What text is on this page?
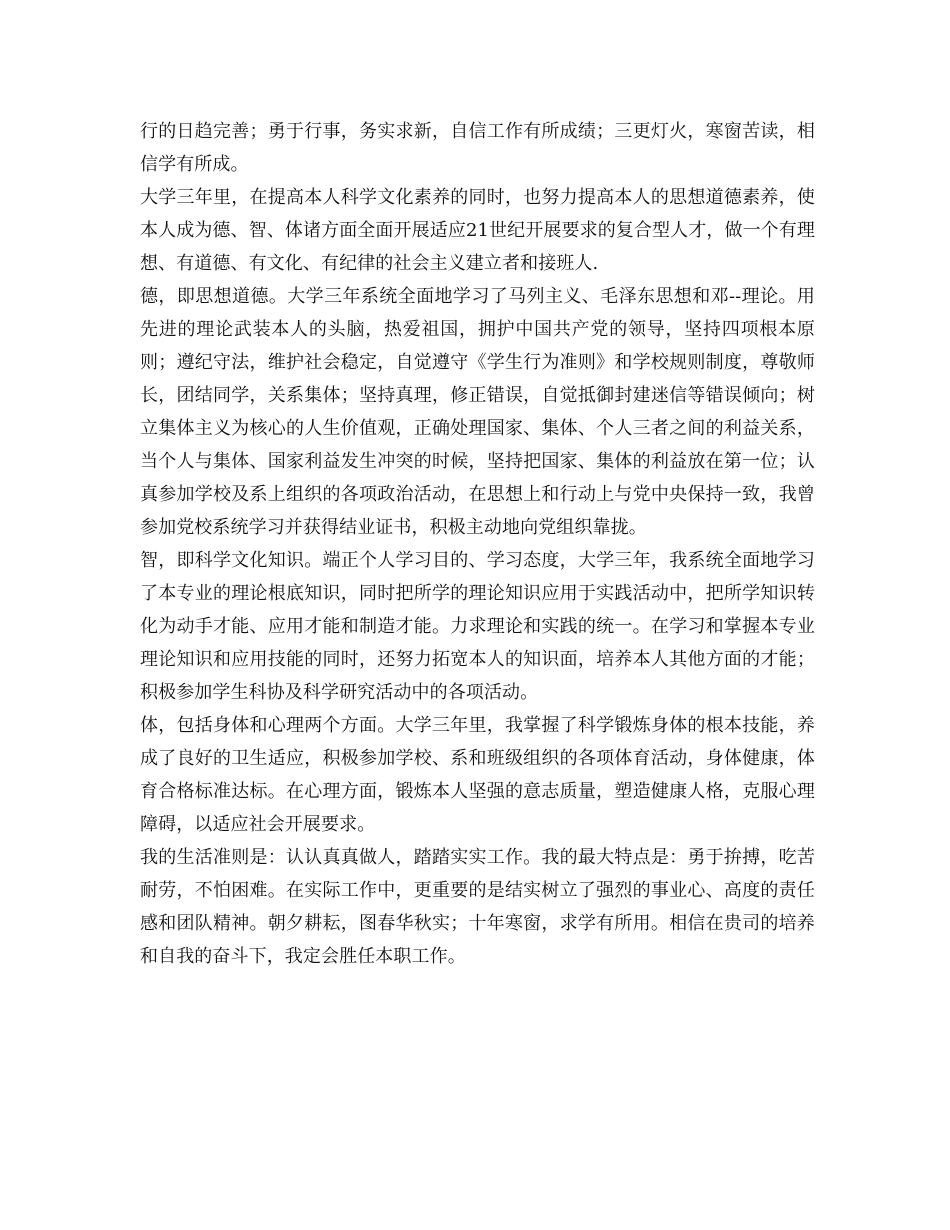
行的日趋完善；勇于行事，务实求新，自信工作有所成绩；三更灯火，寒窗苦读，相信学有所成。

大学三年里，在提高本人科学文化素养的同时，也努力提高本人的思想道德素养，使本人成为德、智、体诸方面全面开展适应21世纪开展要求的复合型人才，做一个有理想、有道德、有文化、有纪律的社会主义建立者和接班人.

德，即思想道德。大学三年系统全面地学习了马列主义、毛泽东思想和邓--理论。用先进的理论武装本人的头脑，热爱祖国，拥护中国共产党的领导，坚持四项根本原则；遵纪守法，维护社会稳定，自觉遵守《学生行为准则》和学校规则制度，尊敬师长，团结同学，关系集体；坚持真理，修正错误，自觉抵御封建迷信等错误倾向；树立集体主义为核心的人生价值观，正确处理国家、集体、个人三者之间的利益关系，当个人与集体、国家利益发生冲突的时候，坚持把国家、集体的利益放在第一位；认真参加学校及系上组织的各项政治活动，在思想上和行动上与党中央保持一致，我曾参加党校系统学习并获得结业证书，积极主动地向党组织靠拢。

智，即科学文化知识。端正个人学习目的、学习态度，大学三年，我系统全面地学习了本专业的理论根底知识，同时把所学的理论知识应用于实践活动中，把所学知识转化为动手才能、应用才能和制造才能。力求理论和实践的统一。在学习和掌握本专业理论知识和应用技能的同时，还努力拓宽本人的知识面，培养本人其他方面的才能；积极参加学生科协及科学研究活动中的各项活动。

体，包括身体和心理两个方面。大学三年里，我掌握了科学锻炼身体的根本技能，养成了良好的卫生适应，积极参加学校、系和班级组织的各项体育活动，身体健康，体育合格标准达标。在心理方面，锻炼本人坚强的意志质量，塑造健康人格，克服心理障碍，以适应社会开展要求。

我的生活准则是：认认真真做人，踏踏实实工作。我的最大特点是：勇于拚搏，吃苦耐劳，不怕困难。在实际工作中，更重要的是结实树立了强烈的事业心、高度的责任感和团队精神。朝夕耕耘，图春华秋实；十年寒窗，求学有所用。相信在贵司的培养和自我的奋斗下，我定会胜任本职工作。
